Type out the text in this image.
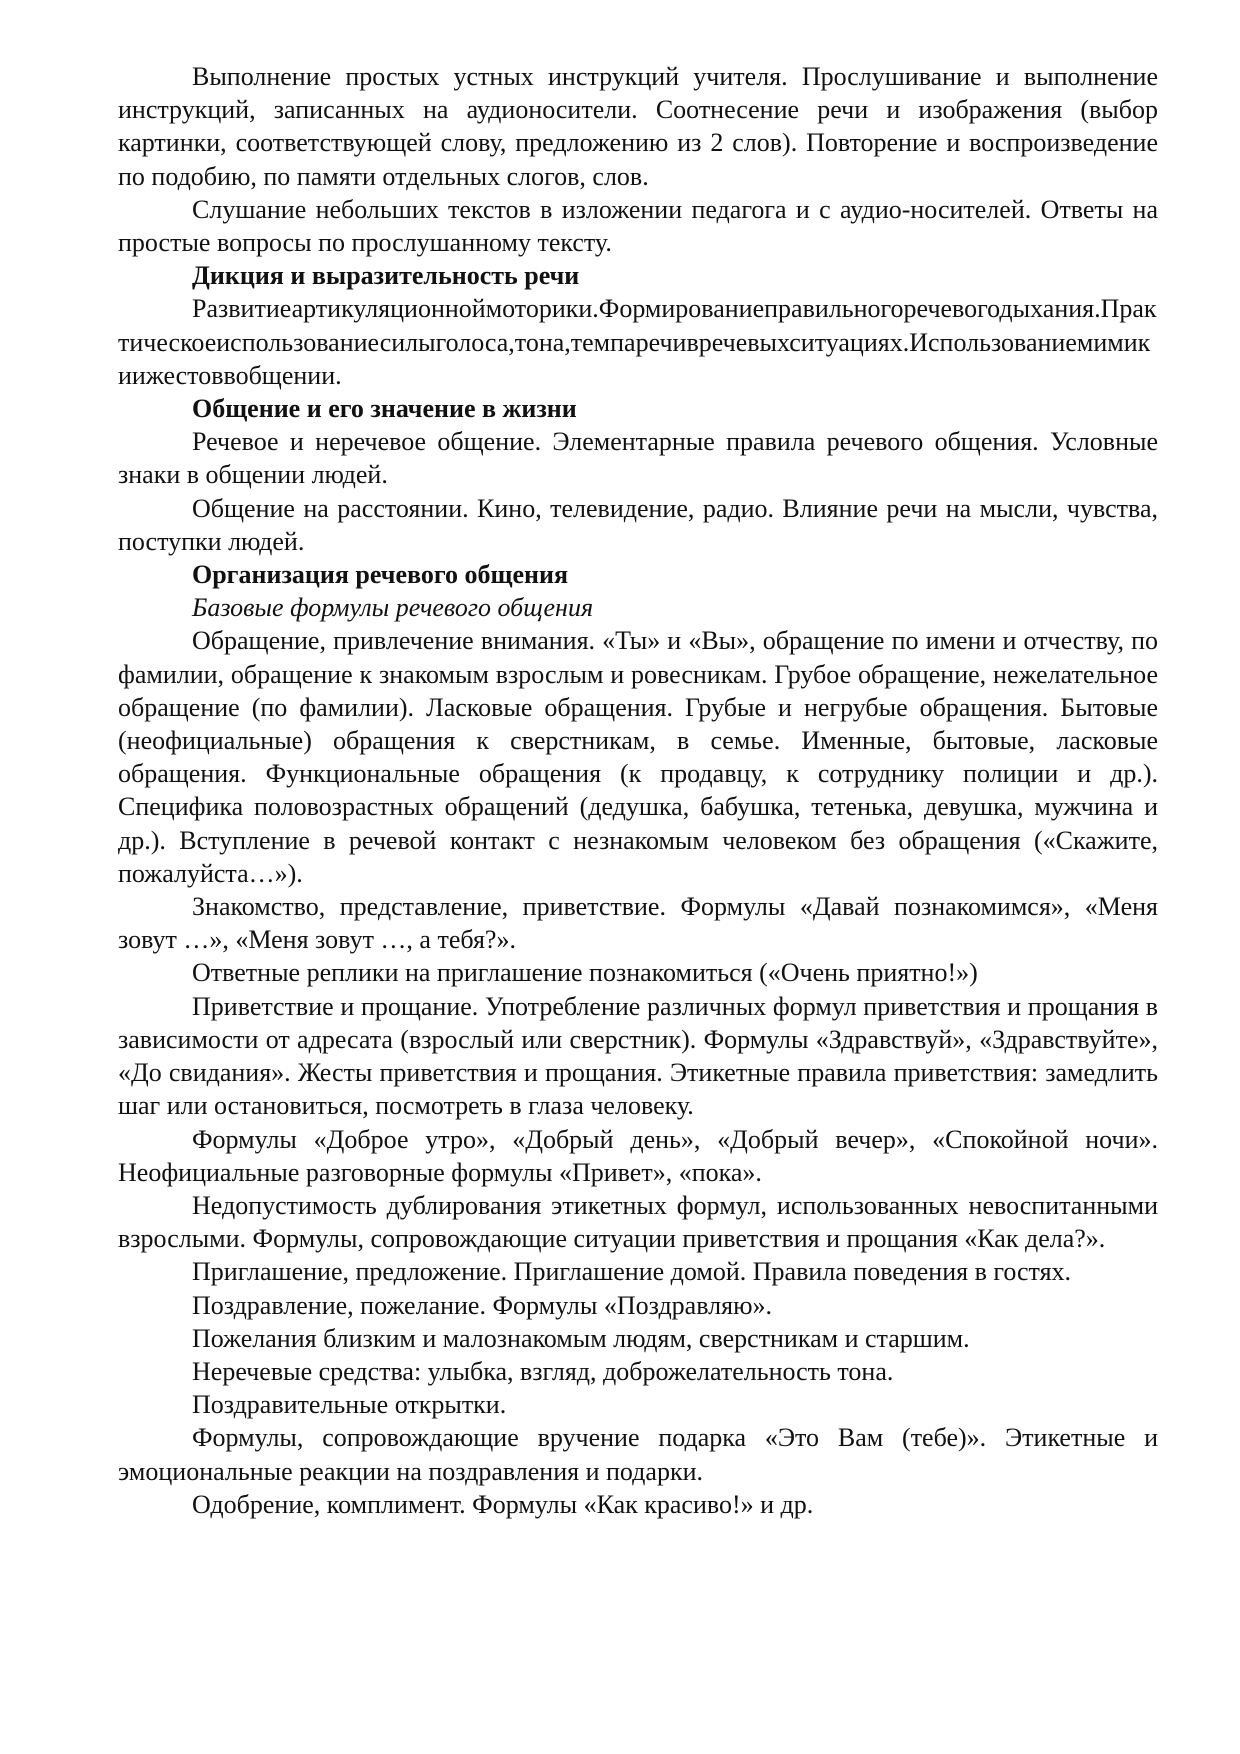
Выполнение простых устных инструкций учителя. Прослушивание и выполнение инструкций, записанных на аудионосители. Соотнесение речи и изображения (выбор картинки, соответствующей слову, предложению из 2 слов). Повторение и воспроизведение по подобию, по памяти отдельных слогов, слов.

Слушание небольших текстов в изложении педагога и с аудио-носителей. Ответы на простые вопросы по прослушанному тексту.

Дикция и выразительность речи

Развитиеартикуляционноймоторики.Формированиеправильногоречевогодыхания.Практическоеиспользованиесилыголоса,тона,темпаречивречевыхситуациях.Использованиемимикиижестоввобщении.

Общение и его значение в жизни

Речевое и неречевое общение. Элементарные правила речевого общения. Условные знаки в общении людей.

Общение на расстоянии. Кино, телевидение, радио. Влияние речи на мысли, чувства, поступки людей.

Организация речевого общения

Базовые формулы речевого общения

Обращение, привлечение внимания. «Ты» и «Вы», обращение по имени и отчеству, по фамилии, обращение к знакомым взрослым и ровесникам. Грубое обращение, нежелательное обращение (по фамилии). Ласковые обращения. Грубые и негрубые обращения. Бытовые (неофициальные) обращения к сверстникам, в семье. Именные, бытовые, ласковые обращения. Функциональные обращения (к продавцу, к сотруднику полиции и др.). Специфика половозрастных обращений (дедушка, бабушка, тетенька, девушка, мужчина и др.). Вступление в речевой контакт с незнакомым человеком без обращения («Скажите, пожалуйста…»).

Знакомство, представление, приветствие. Формулы «Давай познакомимся», «Меня зовут …», «Меня зовут …, а тебя?».

Ответные реплики на приглашение познакомиться («Очень приятно!»)

Приветствие и прощание. Употребление различных формул приветствия и прощания в зависимости от адресата (взрослый или сверстник). Формулы «Здравствуй», «Здравствуйте», «До свидания». Жесты приветствия и прощания. Этикетные правила приветствия: замедлить шаг или остановиться, посмотреть в глаза человеку.

Формулы «Доброе утро», «Добрый день», «Добрый вечер», «Спокойной ночи». Неофициальные разговорные формулы «Привет», «пока».

Недопустимость дублирования этикетных формул, использованных невоспитанными взрослыми. Формулы, сопровождающие ситуации приветствия и прощания «Как дела?».

Приглашение, предложение. Приглашение домой. Правила поведения в гостях.

Поздравление, пожелание. Формулы «Поздравляю».

Пожелания близким и малознакомым людям, сверстникам и старшим.

Неречевые средства: улыбка, взгляд, доброжелательность тона.

Поздравительные открытки.

Формулы, сопровождающие вручение подарка «Это Вам (тебе)». Этикетные и эмоциональные реакции на поздравления и подарки.

Одобрение, комплимент. Формулы «Как красиво!» и др.
